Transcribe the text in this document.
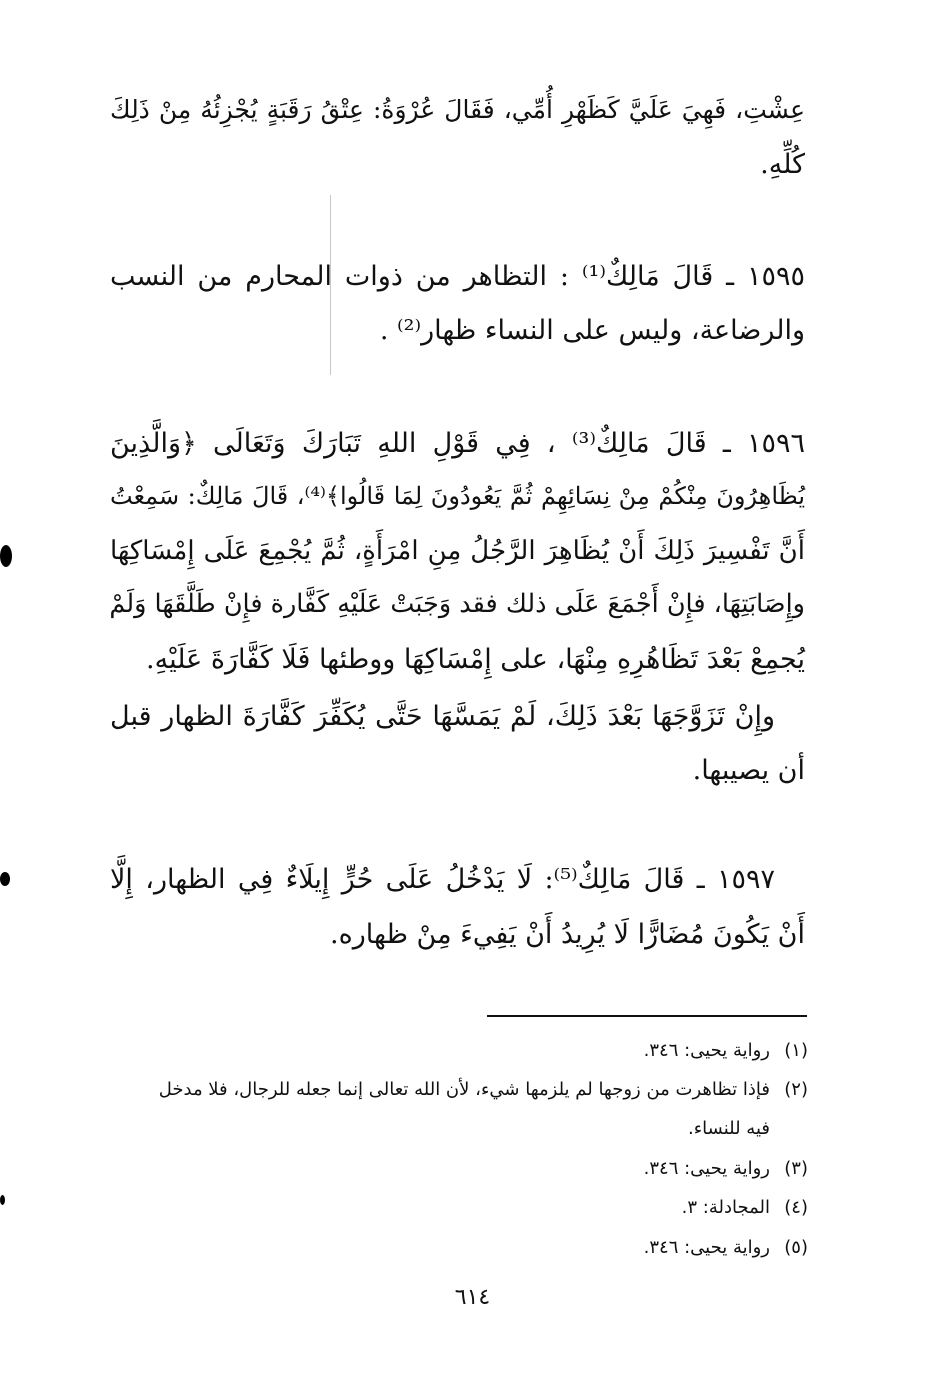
عِشْتِ، فَهِيَ عَلَيَّ كَظَهْرِ أُمِّي، فَقَالَ عُرْوَةُ: عِتْقُ رَقَبَةٍ يُجْزِئُهُ مِنْ ذَلِكَ
كُلِّهِ.
١٥٩٥ ـ قَالَ مَالِكٌ⁽¹⁾ : التظاهر من ذوات المحارم من النسب
والرضاعة، وليس على النساء ظهار⁽²⁾ .
١٥٩٦ ـ قَالَ مَالِكٌ⁽³⁾ ، فِي قَوْلِ اللهِ تَبَارَكَ وَتَعَالَى ﴿وَالَّذِينَ
يُظَاهِرُونَ مِنْكُمْ مِنْ نِسَائِهِمْ ثُمَّ يَعُودُونَ لِمَا قَالُوا﴾⁽⁴⁾، قَالَ مَالِكٌ: سَمِعْتُ
أَنَّ تَفْسِيرَ ذَلِكَ أَنْ يُظَاهِرَ الرَّجُلُ مِنِ امْرَأَةٍ، ثُمَّ يُجْمِعَ عَلَى إِمْسَاكِهَا
وإِصَابَتِهَا، فإِنْ أَجْمَعَ عَلَى ذلك فقد وَجَبَتْ عَلَيْهِ كَفَّارة فإِنْ طَلَّقَهَا وَلَمْ
يُجمِعْ بَعْدَ تَظَاهُرِهِ مِنْهَا، على إِمْسَاكِهَا ووطئها فَلَا كَفَّارَةَ عَلَيْهِ.
وإِنْ تَزَوَّجَهَا بَعْدَ ذَلِكَ، لَمْ يَمَسَّهَا حَتَّى يُكَفِّرَ كَفَّارَةَ الظهار قبل
أن يصيبها.
١٥٩٧ ـ قَالَ مَالِكٌ⁽⁵⁾: لَا يَدْخُلُ عَلَى حُرٍّ إِيلَاءٌ فِي الظهار، إِلَّا
أَنْ يَكُونَ مُضَارًّا لَا يُرِيدُ أَنْ يَفِيءَ مِنْ ظهاره.
(١)رواية يحيى: ٣٤٦.
(٢)فإذا تظاهرت من زوجها لم يلزمها شيء، لأن الله تعالى إنما جعله للرجال، فلا مدخل
فيه للنساء.
(٣)رواية يحيى: ٣٤٦.
(٤)المجادلة: ٣.
(٥)رواية يحيى: ٣٤٦.
٦١٤
